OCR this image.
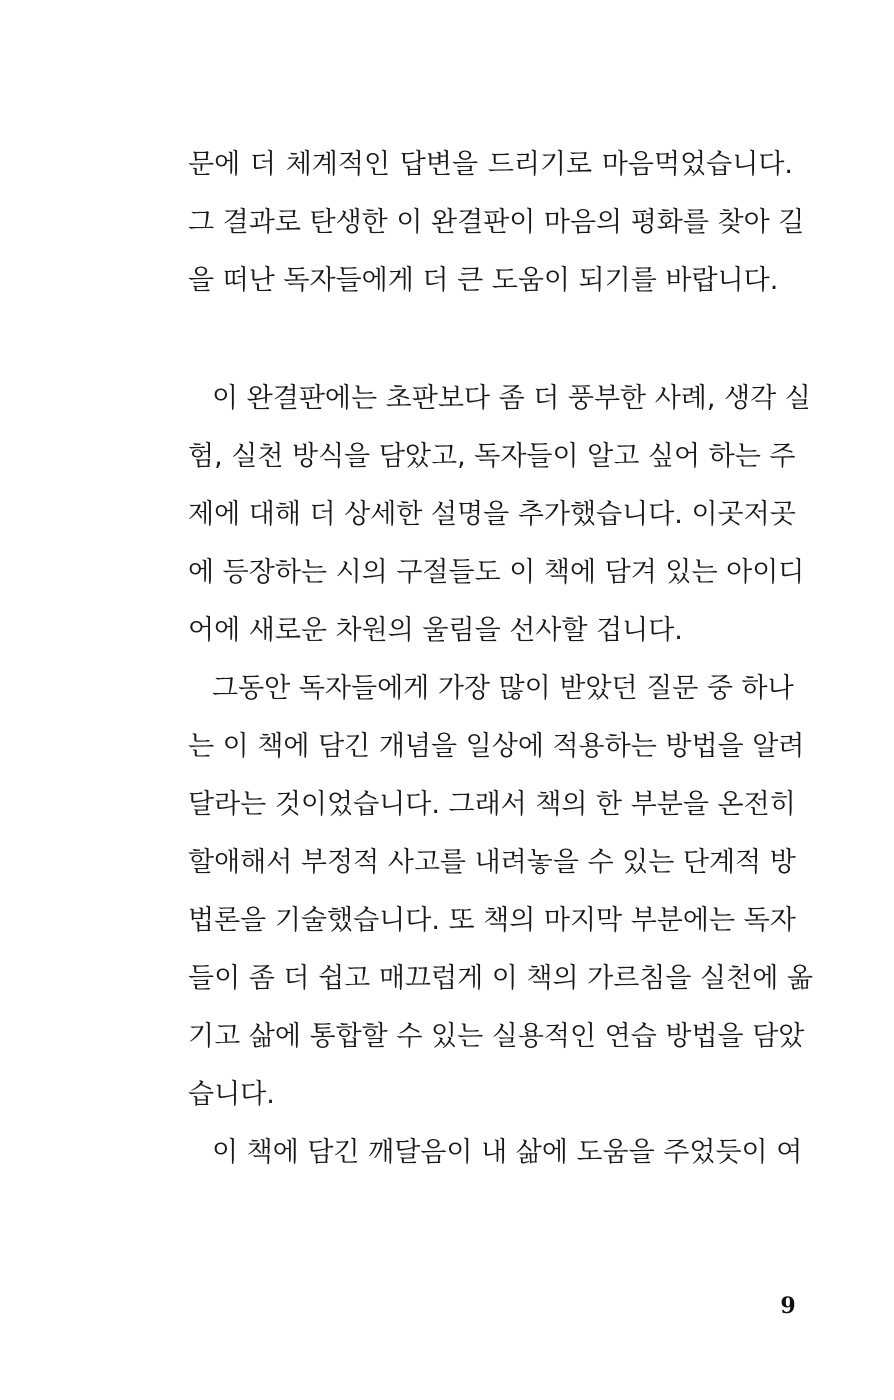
문에 더 체계적인 답변을 드리기로 마음먹었습니다.
그 결과로 탄생한 이 완결판이 마음의 평화를 찾아 길
을 떠난 독자들에게 더 큰 도움이 되기를 바랍니다.
이 완결판에는 초판보다 좀 더 풍부한 사례, 생각 실
험, 실천 방식을 담았고, 독자들이 알고 싶어 하는 주
제에 대해 더 상세한 설명을 추가했습니다. 이곳저곳
에 등장하는 시의 구절들도 이 책에 담겨 있는 아이디
어에 새로운 차원의 울림을 선사할 겁니다.
그동안 독자들에게 가장 많이 받았던 질문 중 하나
는 이 책에 담긴 개념을 일상에 적용하는 방법을 알려
달라는 것이었습니다. 그래서 책의 한 부분을 온전히
할애해서 부정적 사고를 내려놓을 수 있는 단계적 방
법론을 기술했습니다. 또 책의 마지막 부분에는 독자
들이 좀 더 쉽고 매끄럽게 이 책의 가르침을 실천에 옮
기고 삶에 통합할 수 있는 실용적인 연습 방법을 담았
습니다.
이 책에 담긴 깨달음이 내 삶에 도움을 주었듯이 여
9
